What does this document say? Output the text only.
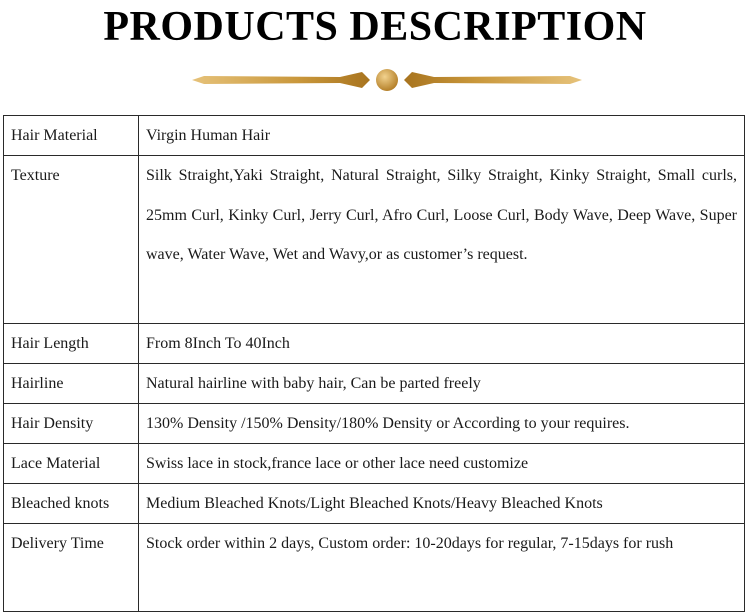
PRODUCTS DESCRIPTION
Hair Material	Virgin Human Hair
Texture	Silk Straight,Yaki Straight, Natural Straight, Silky Straight, Kinky Straight, Small curls, 25mm Curl, Kinky Curl, Jerry Curl, Afro Curl, Loose Curl, Body Wave, Deep Wave, Super wave, Water Wave, Wet and Wavy,or as customer’s request.
Hair Length	From 8Inch To 40Inch
Hairline	Natural hairline with baby hair, Can be parted freely
Hair Density	130% Density /150% Density/180% Density or According to your requires.
Lace Material	Swiss lace in stock,france lace or other lace need customize
Bleached knots	Medium Bleached Knots/Light Bleached Knots/Heavy Bleached Knots
Delivery Time	Stock order within 2 days, Custom order: 10-20days for regular, 7-15days for rush
